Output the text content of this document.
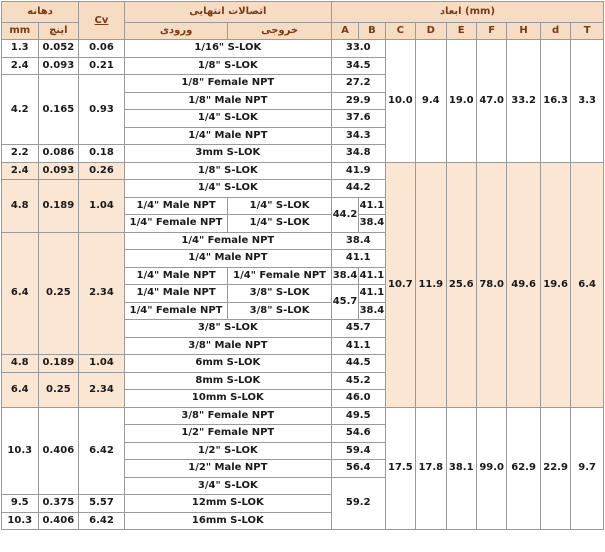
دهانه		Cv	اتصالات انتهایی		ابعاد (mm)								
mm	اینچ		ورودی	خروجی	A	B	C	D	E	F	H	d	T
1.3	0.052	0.06	1/16" S-LOK		33.0		10.0	9.4	19.0	47.0	33.2	16.3	3.3
2.4	0.093	0.21	1/8" S-LOK		34.5								
4.2	0.165	0.93	1/8" Female NPT		27.2								
			1/8" Male NPT		29.9								
			1/4" S-LOK		37.6								
			1/4" Male NPT		34.3								
2.2	0.086	0.18	3mm S-LOK		34.8								
2.4	0.093	0.26	1/8" S-LOK		41.9		10.7	11.9	25.6	78.0	49.6	19.6	6.4
4.8	0.189	1.04	1/4" S-LOK		44.2								
			1/4" Male NPT	1/4" S-LOK	44.2	41.1							
			1/4" Female NPT	1/4" S-LOK		38.4							
6.4	0.25	2.34	1/4" Female NPT		38.4								
			1/4" Male NPT		41.1								
			1/4" Male NPT	1/4" Female NPT	38.4	41.1							
			1/4" Male NPT	3/8" S-LOK	45.7	41.1							
			1/4" Female NPT	3/8" S-LOK		38.4							
			3/8" S-LOK		45.7								
			3/8" Male NPT		41.1								
4.8	0.189	1.04	6mm S-LOK		44.5								
6.4	0.25	2.34	8mm S-LOK		45.2								
			10mm S-LOK		46.0								
10.3	0.406	6.42	3/8" Female NPT		49.5		17.5	17.8	38.1	99.0	62.9	22.9	9.7
			1/2" Female NPT		54.6								
			1/2" S-LOK		59.4								
			1/2" Male NPT		56.4								
			3/4" S-LOK		59.2								
9.5	0.375	5.57	12mm S-LOK										
10.3	0.406	6.42	16mm S-LOK										
